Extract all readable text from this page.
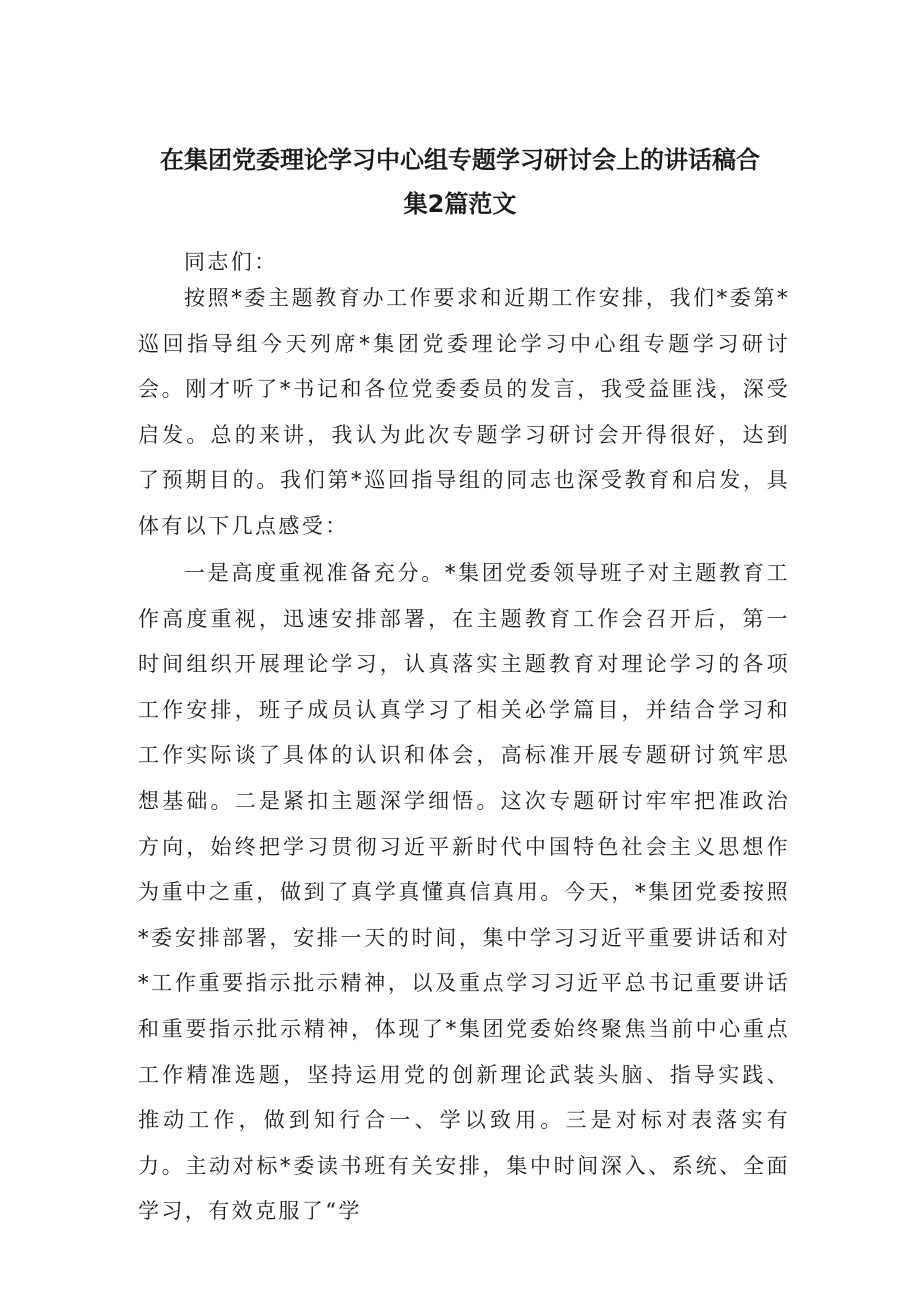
在集团党委理论学习中心组专题学习研讨会上的讲话稿合
集2篇范文

同志们：

按照*委主题教育办工作要求和近期工作安排，我们*委第*巡回指导组今天列席*集团党委理论学习中心组专题学习研讨会。刚才听了*书记和各位党委委员的发言，我受益匪浅，深受启发。总的来讲，我认为此次专题学习研讨会开得很好，达到了预期目的。我们第*巡回指导组的同志也深受教育和启发，具体有以下几点感受：

一是高度重视准备充分。*集团党委领导班子对主题教育工作高度重视，迅速安排部署，在主题教育工作会召开后，第一时间组织开展理论学习，认真落实主题教育对理论学习的各项工作安排，班子成员认真学习了相关必学篇目，并结合学习和工作实际谈了具体的认识和体会，高标准开展专题研讨筑牢思想基础。二是紧扣主题深学细悟。这次专题研讨牢牢把准政治方向，始终把学习贯彻习近平新时代中国特色社会主义思想作为重中之重，做到了真学真懂真信真用。今天，*集团党委按照*委安排部署，安排一天的时间，集中学习习近平重要讲话和对*工作重要指示批示精神，以及重点学习习近平总书记重要讲话和重要指示批示精神，体现了*集团党委始终聚焦当前中心重点工作精准选题，坚持运用党的创新理论武装头脑、指导实践、推动工作，做到知行合一、学以致用。三是对标对表落实有力。主动对标*委读书班有关安排，集中时间深入、系统、全面学习，有效克服了“学
